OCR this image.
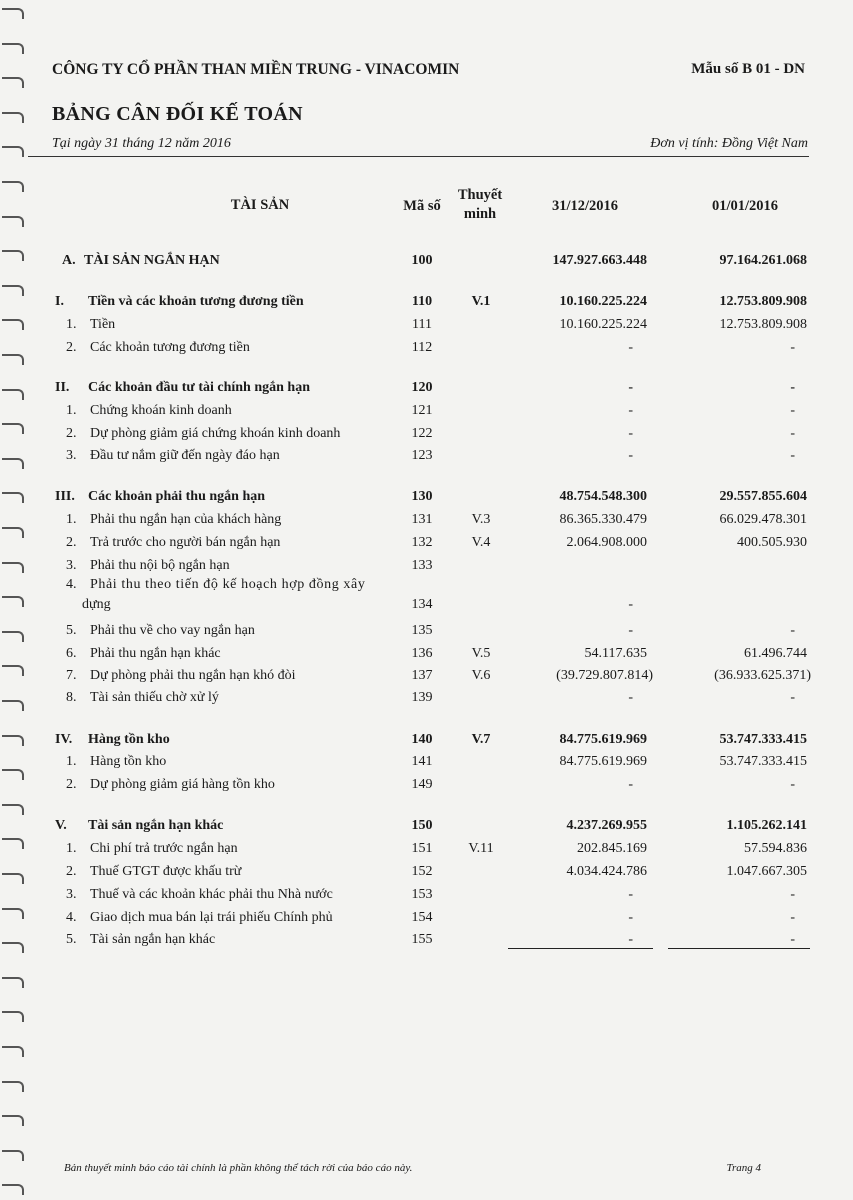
CÔNG TY CỔ PHẦN THAN MIỀN TRUNG - VINACOMIN	Mẫu số B 01 - DN
BẢNG CÂN ĐỐI KẾ TOÁN
Tại ngày 31 tháng 12 năm 2016	Đơn vị tính: Đồng Việt Nam
TÀI SẢN	Mã số
Thuyết
minh	31/12/2016	01/01/2016
A. TÀI SẢN NGẮN HẠN	100	147.927.663.448	97.164.261.068
I. Tiền và các khoản tương đương tiền	110	V.1	10.160.225.224	12.753.809.908
1. Tiền	111	10.160.225.224	12.753.809.908
2. Các khoản tương đương tiền	112	-	-
II. Các khoản đầu tư tài chính ngắn hạn	120	-	-
1. Chứng khoán kinh doanh	121	-	-
2. Dự phòng giảm giá chứng khoán kinh doanh	122	-	-
3. Đầu tư nắm giữ đến ngày đáo hạn	123	-	-
III. Các khoản phải thu ngắn hạn	130	48.754.548.300	29.557.855.604
1. Phải thu ngắn hạn của khách hàng	131	V.3	86.365.330.479	66.029.478.301
2. Trả trước cho người bán ngắn hạn	132	V.4	2.064.908.000	400.505.930
3. Phải thu nội bộ ngắn hạn	133
4. Phải thu theo tiến độ kế hoạch hợp đồng xây
dựng	134	-
5. Phải thu về cho vay ngắn hạn	135	-	-
6. Phải thu ngắn hạn khác	136	V.5	54.117.635	61.496.744
7. Dự phòng phải thu ngắn hạn khó đòi	137	V.6	(39.729.807.814)	(36.933.625.371)
8. Tài sản thiếu chờ xử lý	139	-	-
IV. Hàng tồn kho	140	V.7	84.775.619.969	53.747.333.415
1. Hàng tồn kho	141	84.775.619.969	53.747.333.415
2. Dự phòng giảm giá hàng tồn kho	149	-	-
V. Tài sản ngắn hạn khác	150	4.237.269.955	1.105.262.141
1. Chi phí trả trước ngắn hạn	151	V.11	202.845.169	57.594.836
2. Thuế GTGT được khấu trừ	152	4.034.424.786	1.047.667.305
3. Thuế và các khoản khác phải thu Nhà nước	153	-	-
4. Giao dịch mua bán lại trái phiếu Chính phủ	154	-	-
5. Tài sản ngắn hạn khác	155	-	-
Bản thuyết minh báo cáo tài chính là phần không thể tách rời của báo cáo này.	Trang 4
